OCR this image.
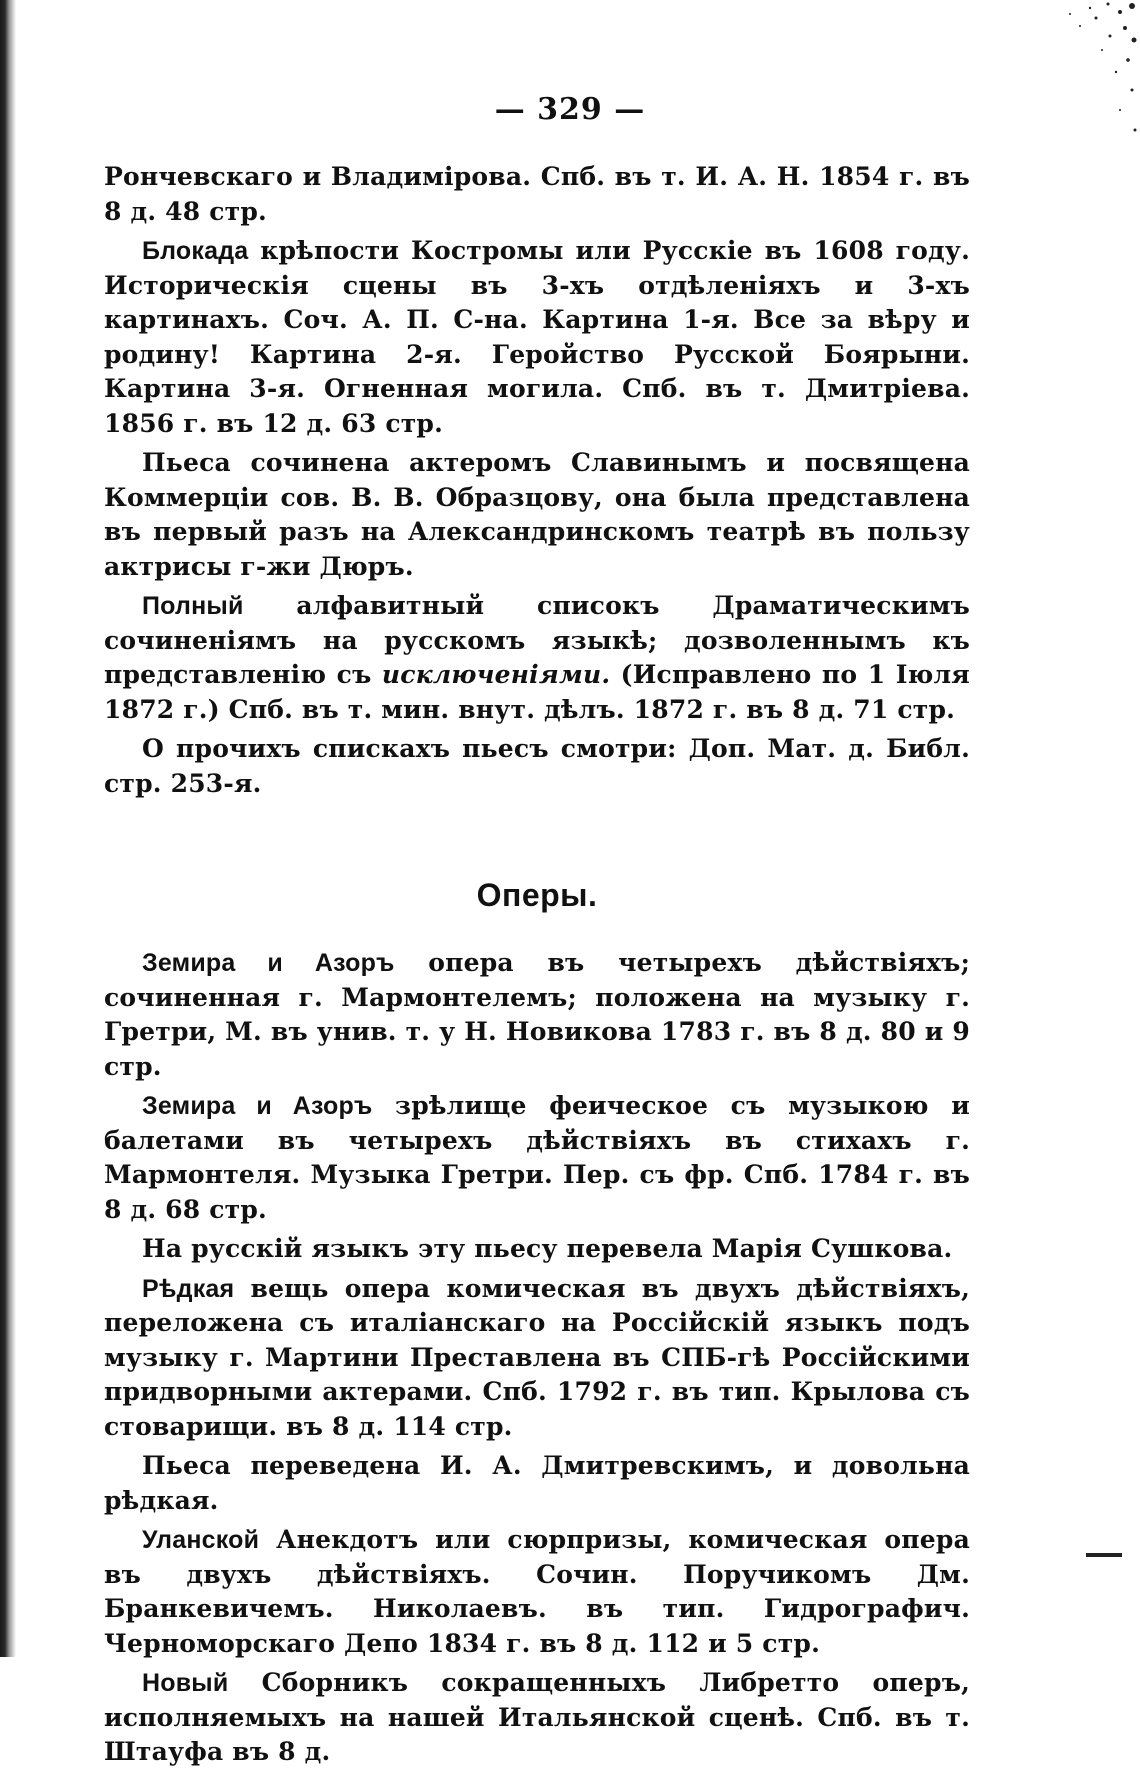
— 329 —

Рончевскаго и Владимірова. Спб. въ т. И. А. Н. 1854 г. въ 8 д. 48 стр.

Блокада крѣпости Костромы или Русскіе въ 1608 году. Историческія сцены въ 3-хъ отдѣленіяхъ и 3-хъ картинахъ. Соч. А. П. С-на. Картина 1-я. Все за вѣру и родину! Картина 2-я. Геройство Русской Боярыни. Картина 3-я. Огненная могила. Спб. въ т. Дмитріева. 1856 г. въ 12 д. 63 стр.

Пьеса сочинена актеромъ Славинымъ и посвящена Коммерціи сов. В. В. Образцову, она была представлена въ первый разъ на Александринскомъ театрѣ въ пользу актрисы г-жи Дюръ.

Полный алфавитный списокъ Драматическимъ сочиненіямъ на русскомъ языкѣ; дозволеннымъ къ представленію съ исключеніями. (Исправлено по 1 Іюля 1872 г.) Спб. въ т. мин. внут. дѣлъ. 1872 г. въ 8 д. 71 стр.

О прочихъ спискахъ пьесъ смотри: Доп. Мат. д. Библ. стр. 253-я.

Оперы.

Земира и Азоръ опера въ четырехъ дѣйствіяхъ; сочиненная г. Мармонтелемъ; положена на музыку г. Гретри, М. въ унив. т. у Н. Новикова 1783 г. въ 8 д. 80 и 9 стр.

Земира и Азоръ зрѣлище феическое съ музыкою и балетами въ четырехъ дѣйствіяхъ въ стихахъ г. Мармонтеля. Музыка Гретри. Пер. съ фр. Спб. 1784 г. въ 8 д. 68 стр.

На русскій языкъ эту пьесу перевела Марія Сушкова.

Рѣдкая вещь опера комическая въ двухъ дѣйствіяхъ, переложена съ италіанскаго на Россійскій языкъ подъ музыку г. Мартини Преставлена въ СПБ-гѣ Россійскими придворными актерами. Спб. 1792 г. въ тип. Крылова съ стоварищи. въ 8 д. 114 стр.

Пьеса переведена И. А. Дмитревскимъ, и довольна рѣдкая.

Уланской Анекдотъ или сюрпризы, комическая опера въ двухъ дѣйствіяхъ. Сочин. Поручикомъ Дм. Бранкевичемъ. Николаевъ. въ тип. Гидрографич. Черноморскаго Депо 1834 г. въ 8 д. 112 и 5 стр.

Новый Сборникъ сокращенныхъ Либретто оперъ, исполняемыхъ на нашей Итальянской сценѣ. Спб. въ т. Штауфа въ 8 д.
